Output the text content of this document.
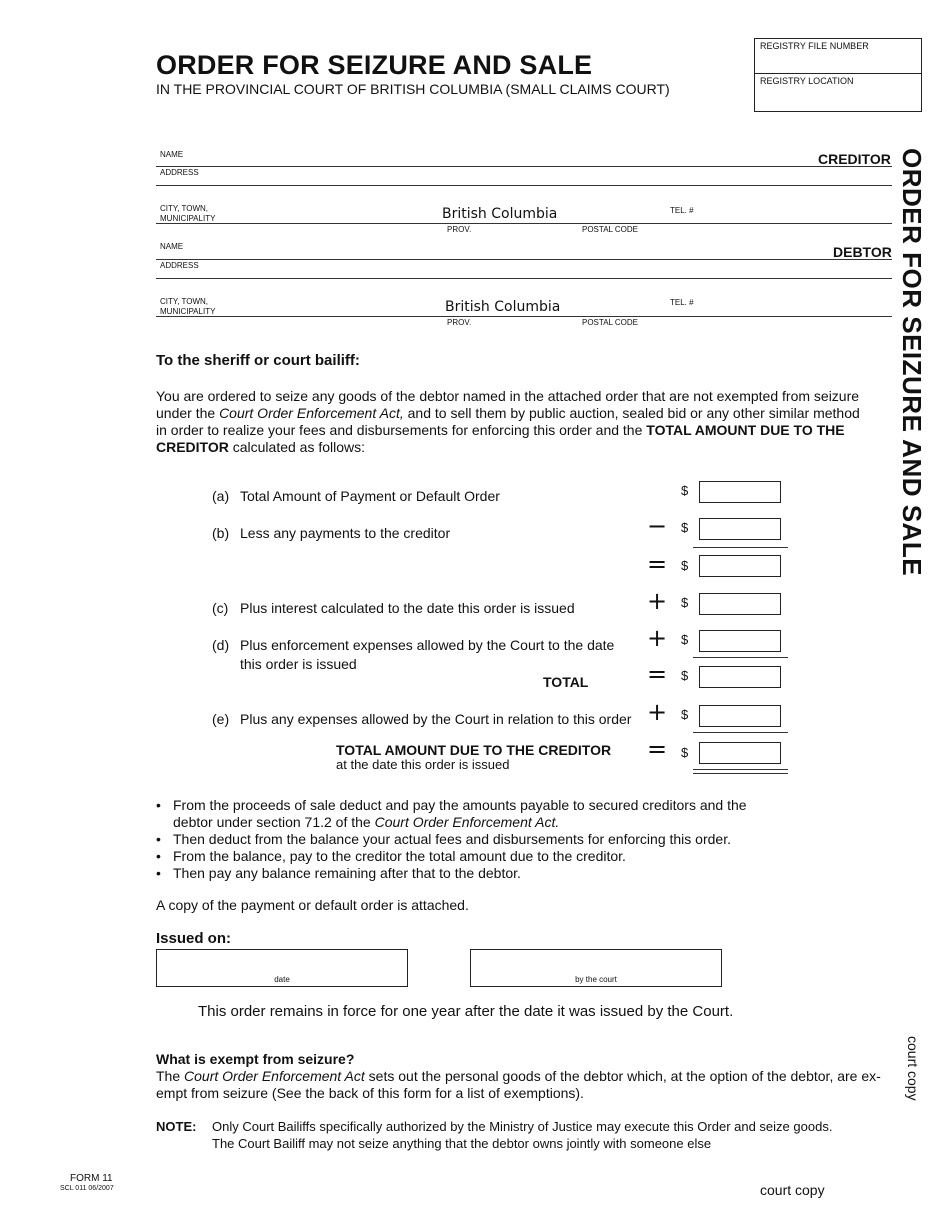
ORDER FOR SEIZURE AND SALE
IN THE PROVINCIAL COURT OF BRITISH COLUMBIA (SMALL CLAIMS COURT)
REGISTRY FILE NUMBER
REGISTRY LOCATION
ORDER FOR SEIZURE AND SALE
court copy
NAME	CREDITOR
ADDRESS
CITY, TOWN,
MUNICIPALITY	British Columbia	TEL. #
PROV.	POSTAL CODE
NAME	DEBTOR
ADDRESS
CITY, TOWN,
MUNICIPALITY	British Columbia	TEL. #
PROV.	POSTAL CODE
To the sheriff or court bailiff:
You are ordered to seize any goods of the debtor named in the attached order that are not exempted from seizure under the Court Order Enforcement Act, and to sell them by public auction, sealed bid or any other similar method in order to realize your fees and disbursements for enforcing this order and the TOTAL AMOUNT DUE TO THE CREDITOR calculated as follows:
(a) Total Amount of Payment or Default Order	$
(b) Less any payments to the creditor	− $
= $
(c) Plus interest calculated to the date this order is issued	+ $
(d) Plus enforcement expenses allowed by the Court to the date
this order is issued
+ $
TOTAL = $
(e) Plus any expenses allowed by the Court in relation to this order + $
TOTAL AMOUNT DUE TO THE CREDITOR
at the date this order is issued
= $
• From the proceeds of sale deduct and pay the amounts payable to secured creditors and the
debtor under section 71.2 of the Court Order Enforcement Act.
• Then deduct from the balance your actual fees and disbursements for enforcing this order.
• From the balance, pay to the creditor the total amount due to the creditor.
• Then pay any balance remaining after that to the debtor.
A copy of the payment or default order is attached.
Issued on:
date	by the court
This order remains in force for one year after the date it was issued by the Court.
What is exempt from seizure?
The Court Order Enforcement Act sets out the personal goods of the debtor which, at the option of the debtor, are ex-
empt from seizure (See the back of this form for a list of exemptions).
NOTE: Only Court Bailiffs specifically authorized by the Ministry of Justice may execute this Order and seize goods.
The Court Bailiff may not seize anything that the debtor owns jointly with someone else
FORM 11
SCL 011 06/2007	court copy
